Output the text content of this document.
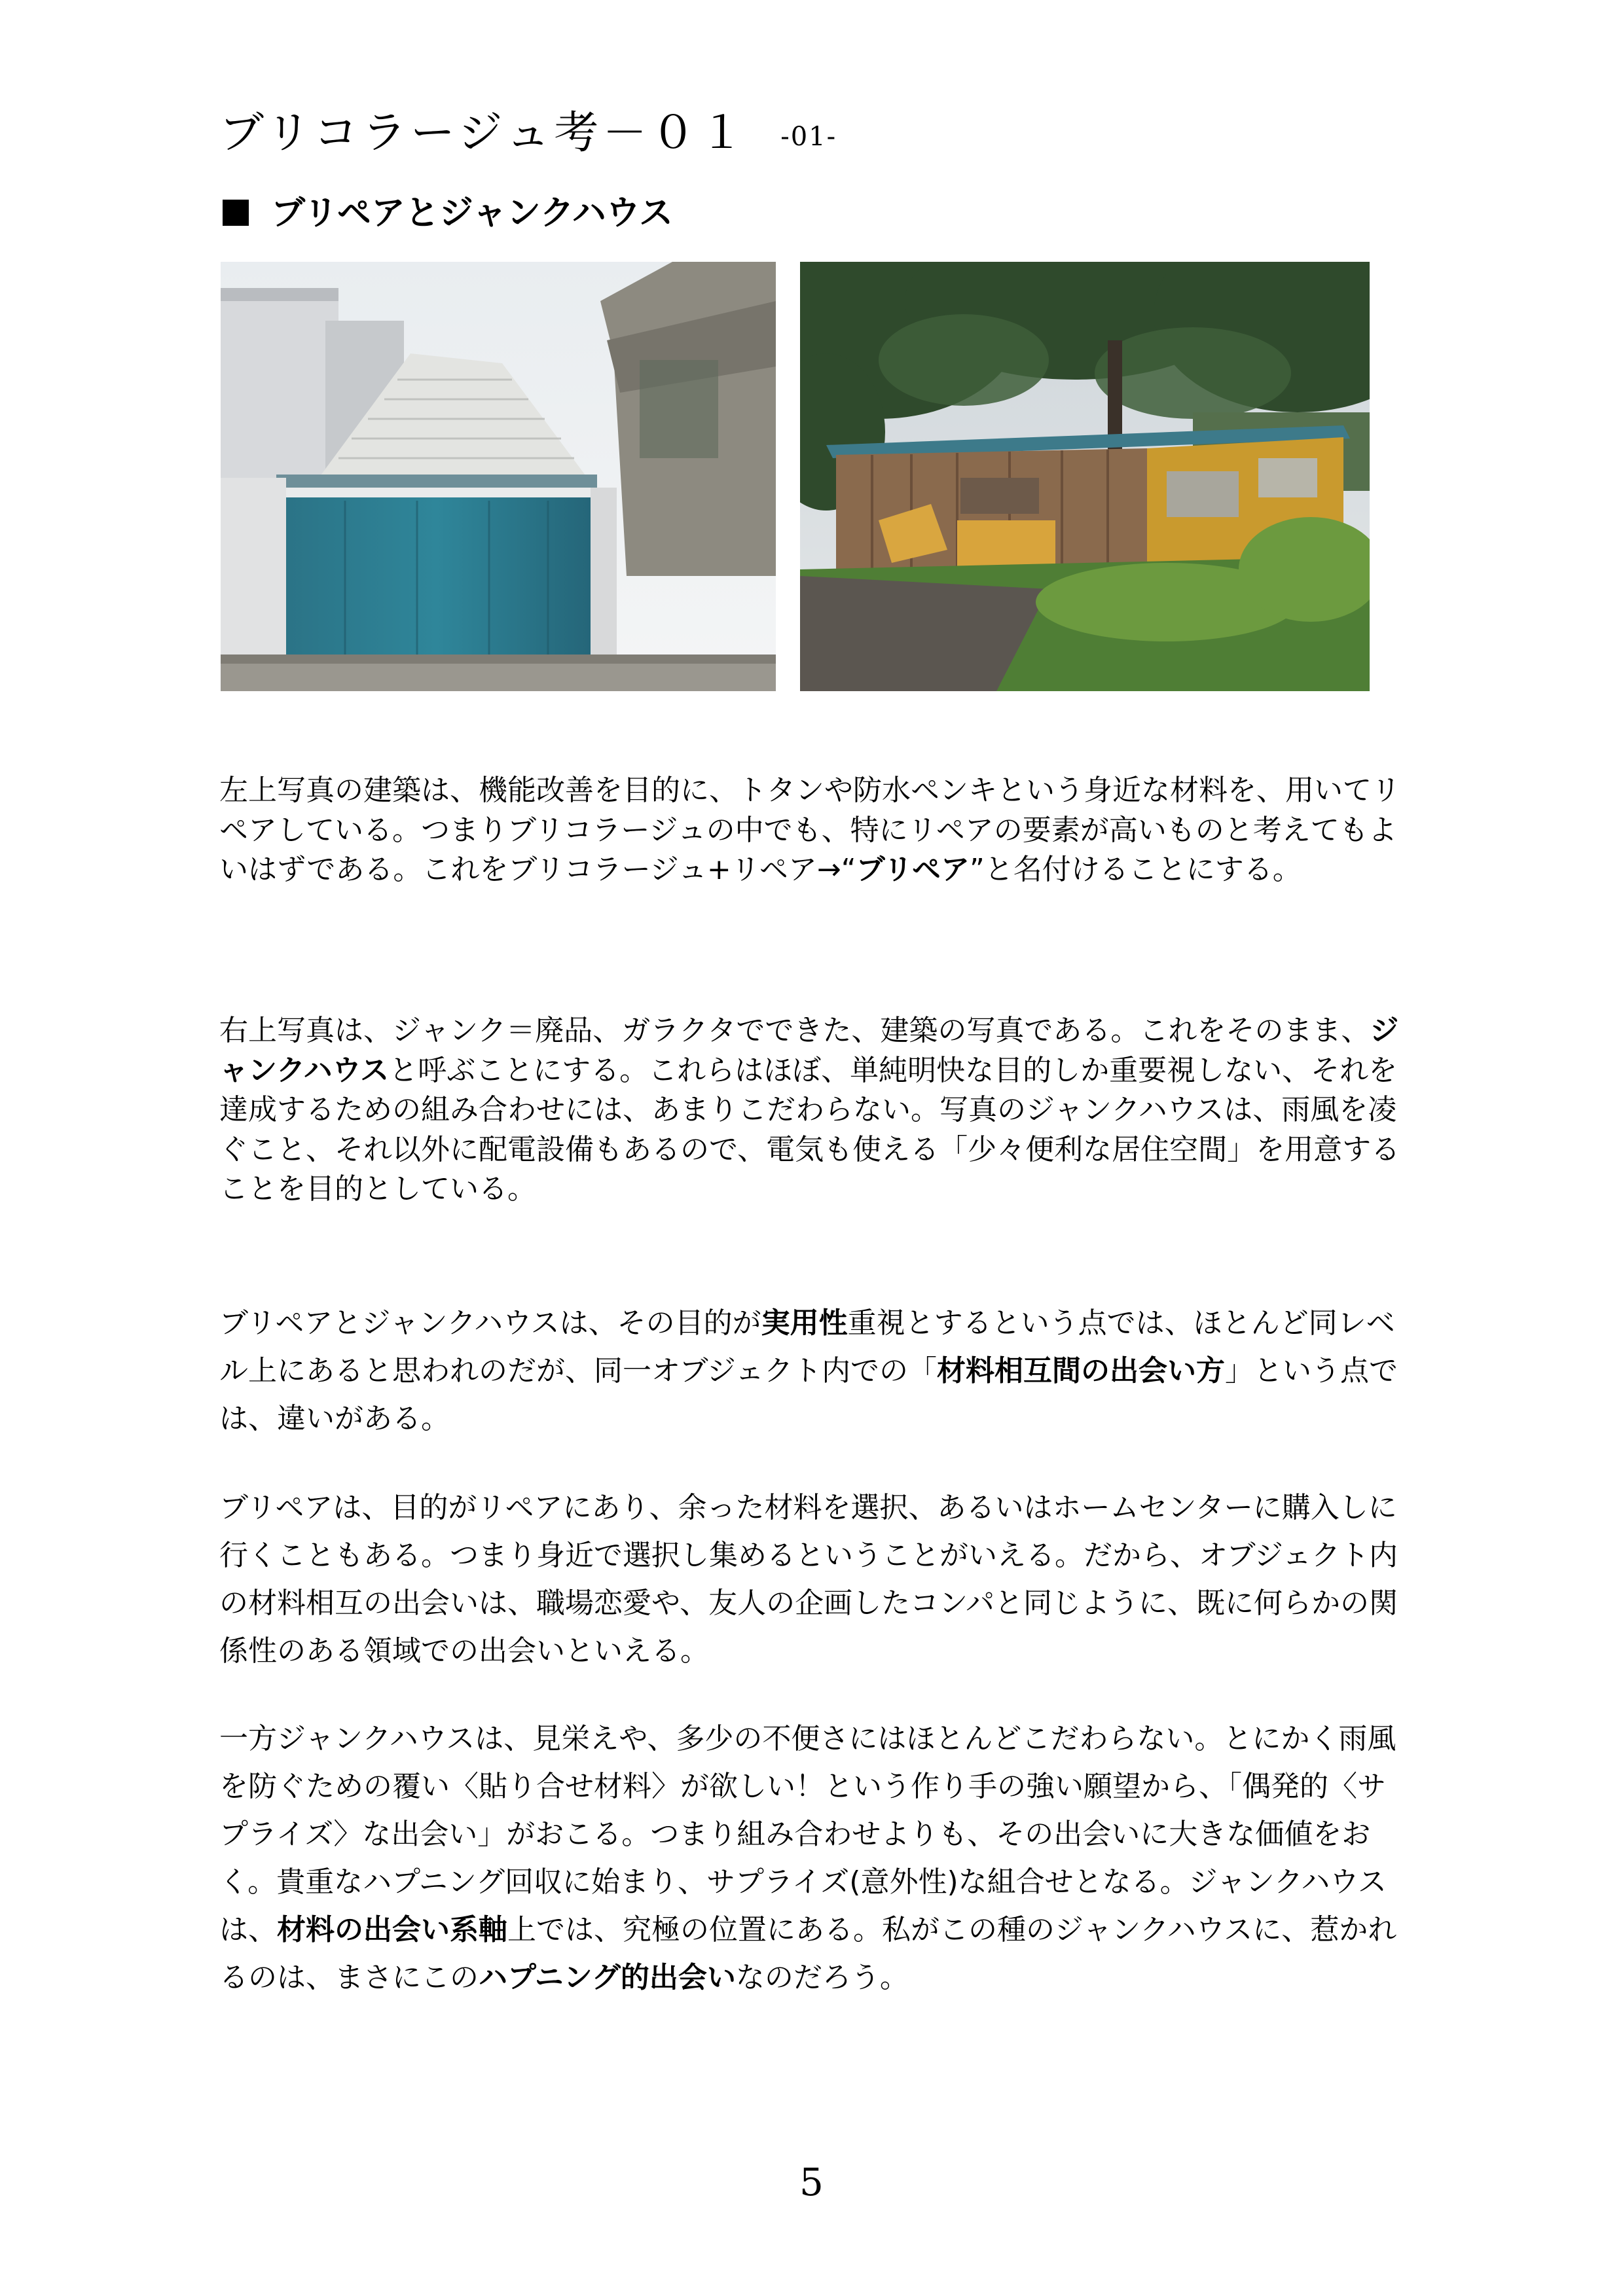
ブリコラージュ考－０１ -01-
ブリペアとジャンクハウス

左上写真の建築は、機能改善を目的に、トタンや防水ペンキという身近な材料を、用いてリペアしている。つまりブリコラージュの中でも、特にリペアの要素が高いものと考えてもよいはずである。これをブリコラージュ+リペア→“ブリペア”と名付けることにする。

右上写真は、ジャンク＝廃品、ガラクタでできた、建築の写真である。これをそのまま、ジャンクハウスと呼ぶことにする。これらはほぼ、単純明快な目的しか重要視しない、それを達成するための組み合わせには、あまりこだわらない。写真のジャンクハウスは、雨風を凌ぐこと、それ以外に配電設備もあるので、電気も使える「少々便利な居住空間」を用意することを目的としている。

ブリペアとジャンクハウスは、その目的が実用性重視とするという点では、ほとんど同レベル上にあると思われのだが、同一オブジェクト内での「材料相互間の出会い方」という点では、違いがある。

ブリペアは、目的がリペアにあり、余った材料を選択、あるいはホームセンターに購入しに行くこともある。つまり身近で選択し集めるということがいえる。だから、オブジェクト内の材料相互の出会いは、職場恋愛や、友人の企画したコンパと同じように、既に何らかの関係性のある領域での出会いといえる。

一方ジャンクハウスは、見栄えや、多少の不便さにはほとんどこだわらない。とにかく雨風を防ぐための覆い〈貼り合せ材料〉が欲しい！という作り手の強い願望から、「偶発的〈サプライズ〉な出会い」がおこる。つまり組み合わせよりも、その出会いに大きな価値をおく。貴重なハプニング回収に始まり、サプライズ(意外性)な組合せとなる。ジャンクハウスは、材料の出会い系軸上では、究極の位置にある。私がこの種のジャンクハウスに、惹かれるのは、まさにこのハプニング的出会いなのだろう。

5
